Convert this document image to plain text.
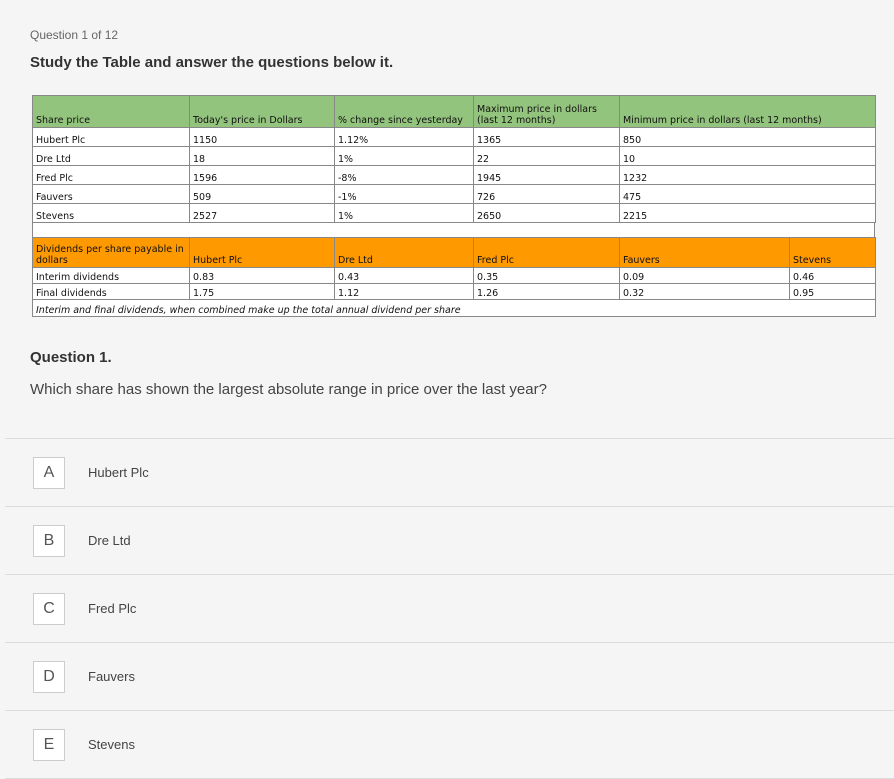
Question 1 of 12
Study the Table and answer the questions below it.
Share price	Today's price in Dollars	% change since yesterday	Maximum price in dollars (last 12 months)	Minimum price in dollars (last 12 months)
Hubert Plc	1150	1.12%	1365	850
Dre Ltd	18	1%	22	10
Fred Plc	1596	-8%	1945	1232
Fauvers	509	-1%	726	475
Stevens	2527	1%	2650	2215
Dividends per share payable in dollars	Hubert Plc	Dre Ltd	Fred Plc	Fauvers	Stevens
Interim dividends	0.83	0.43	0.35	0.09	0.46
Final dividends	1.75	1.12	1.26	0.32	0.95
Interim and final dividends, when combined make up the total annual dividend per share					
Question 1.

Which share has shown the largest absolute range in price over the last year?

A	Hubert Plc
B	Dre Ltd
C	Fred Plc
D	Fauvers
E	Stevens
